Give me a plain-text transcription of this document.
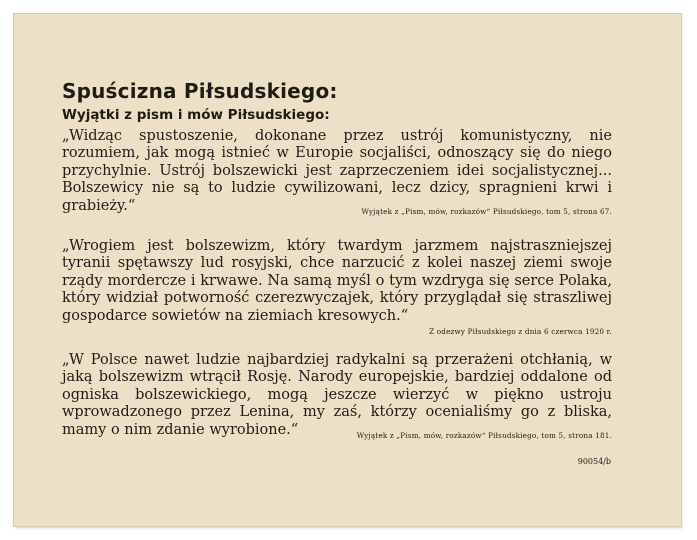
Spuścizna Piłsudskiego:
Wyjątki z pism i mów Piłsudskiego:

„Widząc spustoszenie, dokonane przez ustrój komunistyczny, nie rozumiem, jak mogą istnieć w Europie socjaliści, odnoszący się do niego przychylnie. Ustrój bolszewicki jest zaprzeczeniem idei socjalistycznej... Bolszewicy nie są to ludzie cywilizowani, lecz dzicy, spragnieni krwi i grabieży.“	Wyjątek z „Pism, mów, rozkazów“ Piłsudskiego, tom 5, strona 67.

„Wrogiem jest bolszewizm, który twardym jarzmem najstraszniejszej tyranii spętawszy lud rosyjski, chce narzucić z kolei naszej ziemi swoje rządy morderczе i krwawe. Na samą myśl o tym wzdryga się serce Polaka, który widział potworność czerezwyczajek, który przyglądał się straszliwej gospodarce sowietów na ziemiach kresowych.“

Z odezwy Piłsudskiego z dnia 6 czerwca 1920 r.

„W Polsce nawet ludzie najbardziej radykalni są przerażeni otchłanią, w jaką bolszewizm wtrącił Rosję. Narody europejskie, bardziej oddalone od ogniska bolszewickiego, mogą jeszcze wierzyć w piękno ustroju wprowadzonego przez Lenina, my zaś, którzy ocenialiśmy go z bliska, mamy o nim zdanie wyrobione.“	Wyjątek z „Pism, mów, rozkazów“ Piłsudskiego, tom 5, strona 181.

90054/b
